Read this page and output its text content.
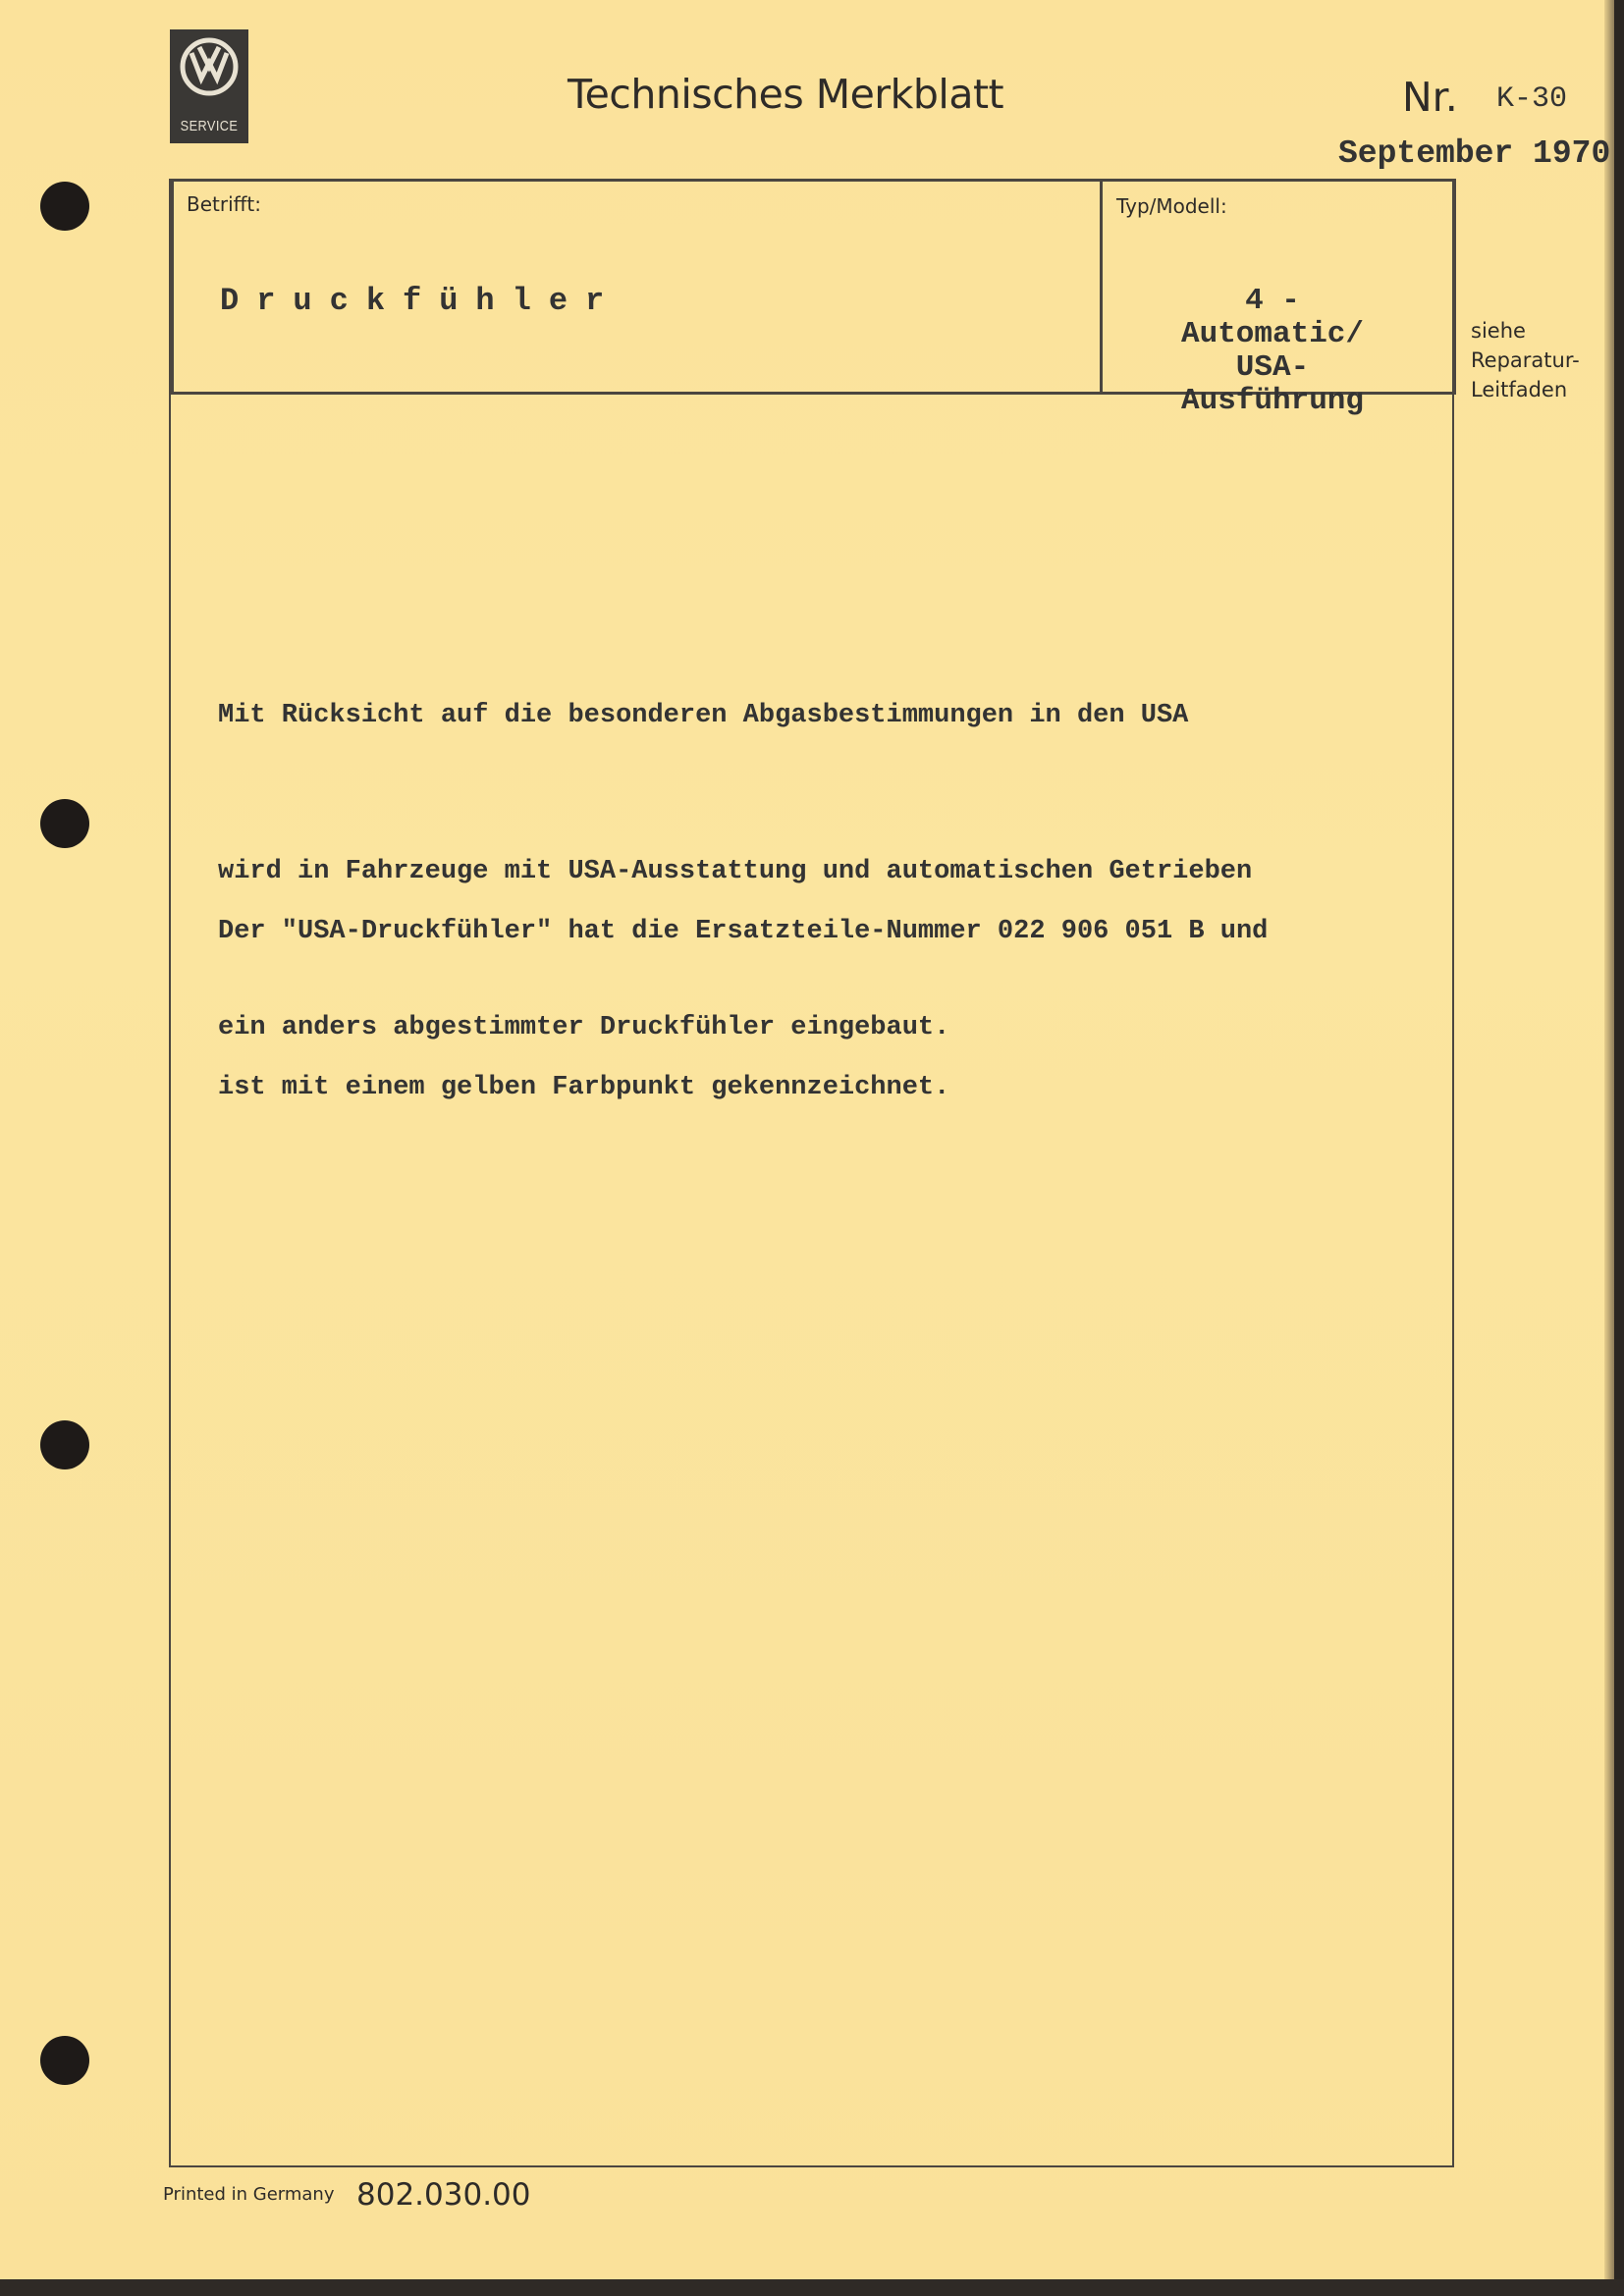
SERVICE
Technisches Merkblatt	Nr. K-30
September 1970
Betrifft:
Druckfühler
Typ/Modell:
4 - Automatic/
USA-Ausführung
siehe
Reparatur-
Leitfaden

Mit Rücksicht auf die besonderen Abgasbestimmungen in den USA

wird in Fahrzeuge mit USA-Ausstattung und automatischen Getrieben

ein anders abgestimmter Druckfühler eingebaut.

Der "USA-Druckfühler" hat die Ersatzteile-Nummer 022 906 051 B und

ist mit einem gelben Farbpunkt gekennzeichnet.

Printed in Germany 802.030.00
